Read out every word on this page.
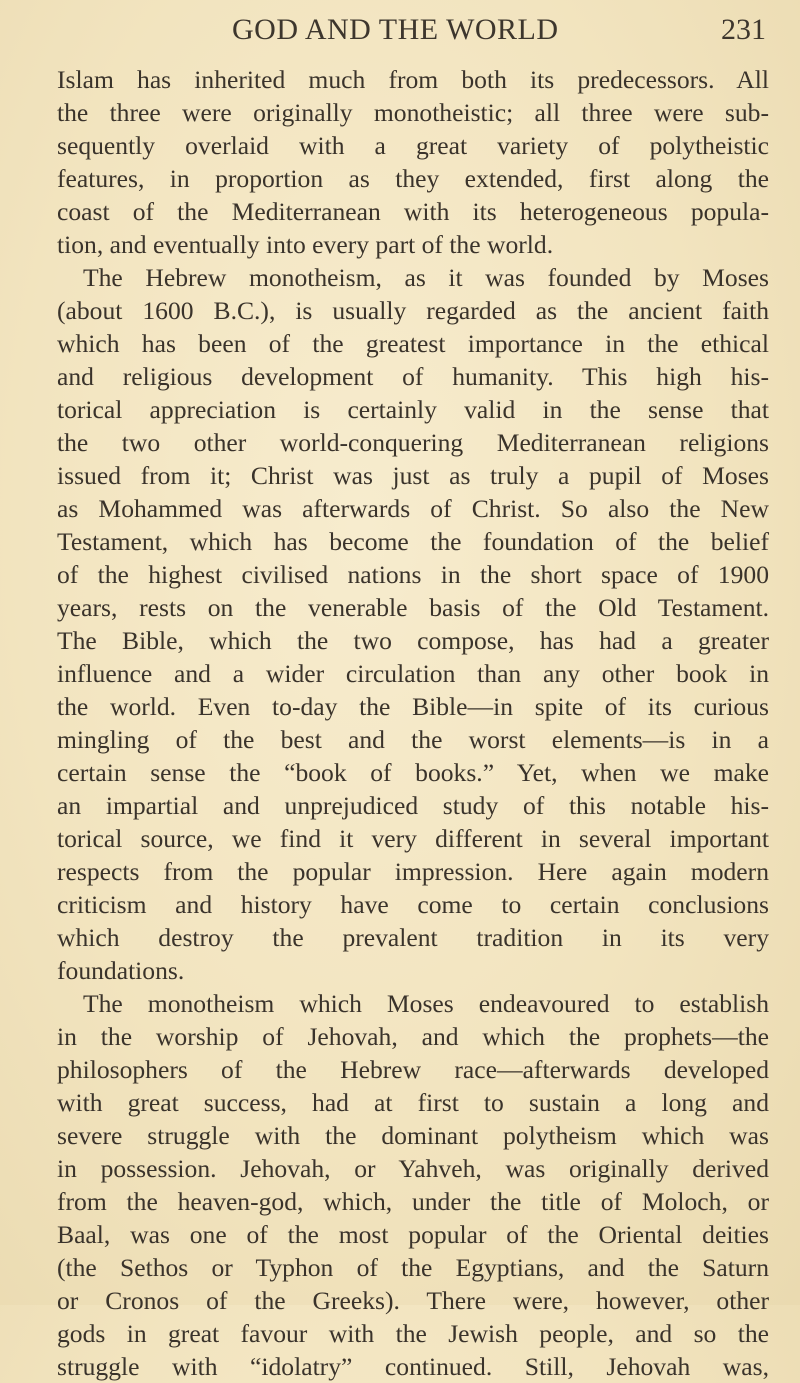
GOD AND THE WORLD	231
Islam has inherited much from both its predecessors. All
the three were originally monotheistic; all three were sub-
sequently overlaid with a great variety of polytheistic
features, in proportion as they extended, first along the
coast of the Mediterranean with its heterogeneous popula-
tion, and eventually into every part of the world.
The Hebrew monotheism, as it was founded by Moses
(about 1600 B.C.), is usually regarded as the ancient faith
which has been of the greatest importance in the ethical
and religious development of humanity. This high his-
torical appreciation is certainly valid in the sense that
the two other world-conquering Mediterranean religions
issued from it; Christ was just as truly a pupil of Moses
as Mohammed was afterwards of Christ. So also the New
Testament, which has become the foundation of the belief
of the highest civilised nations in the short space of 1900
years, rests on the venerable basis of the Old Testament.
The Bible, which the two compose, has had a greater
influence and a wider circulation than any other book in
the world. Even to-day the Bible—in spite of its curious
mingling of the best and the worst elements—is in a
certain sense the “book of books.” Yet, when we make
an impartial and unprejudiced study of this notable his-
torical source, we find it very different in several important
respects from the popular impression. Here again modern
criticism and history have come to certain conclusions
which destroy the prevalent tradition in its very
foundations.
The monotheism which Moses endeavoured to establish
in the worship of Jehovah, and which the prophets—the
philosophers of the Hebrew race—afterwards developed
with great success, had at first to sustain a long and
severe struggle with the dominant polytheism which was
in possession. Jehovah, or Yahveh, was originally derived
from the heaven-god, which, under the title of Moloch, or
Baal, was one of the most popular of the Oriental deities
(the Sethos or Typhon of the Egyptians, and the Saturn
or Cronos of the Greeks). There were, however, other
gods in great favour with the Jewish people, and so the
struggle with “idolatry” continued. Still, Jehovah was,
